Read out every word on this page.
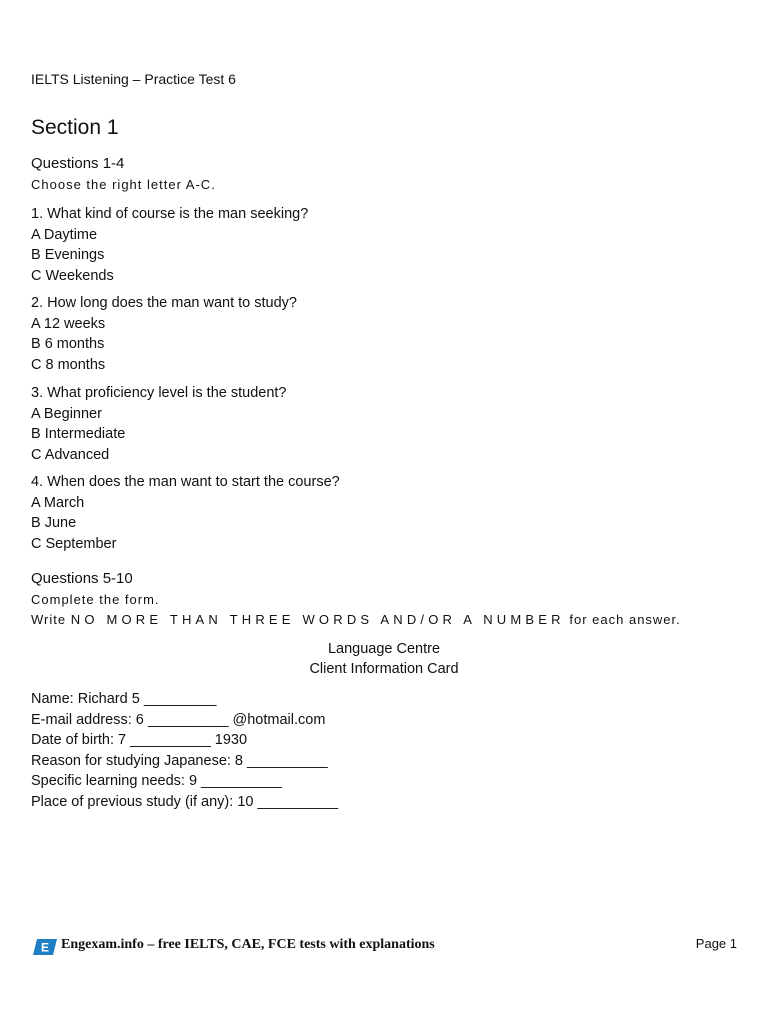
IELTS Listening – Practice Test 6
Section 1
Questions 1-4
Choose the right letter A-C.
1. What kind of course is the man seeking?
A Daytime
B Evenings
C Weekends
2. How long does the man want to study?
A 12 weeks
B 6 months
C 8 months
3. What proficiency level is the student?
A Beginner
B Intermediate
C Advanced
4. When does the man want to start the course?
A March
B June
C September
Questions 5-10
Complete the form.
Write NO MORE THAN THREE WORDS AND/OR A NUMBER for each answer.
Language Centre
Client Information Card
Name: Richard 5 _________
E-mail address: 6 __________ @hotmail.com
Date of birth: 7 __________ 1930
Reason for studying Japanese: 8 __________
Specific learning needs: 9 __________
Place of previous study (if any): 10 __________
E Engexam.info – free IELTS, CAE, FCE tests with explanations	Page 1
